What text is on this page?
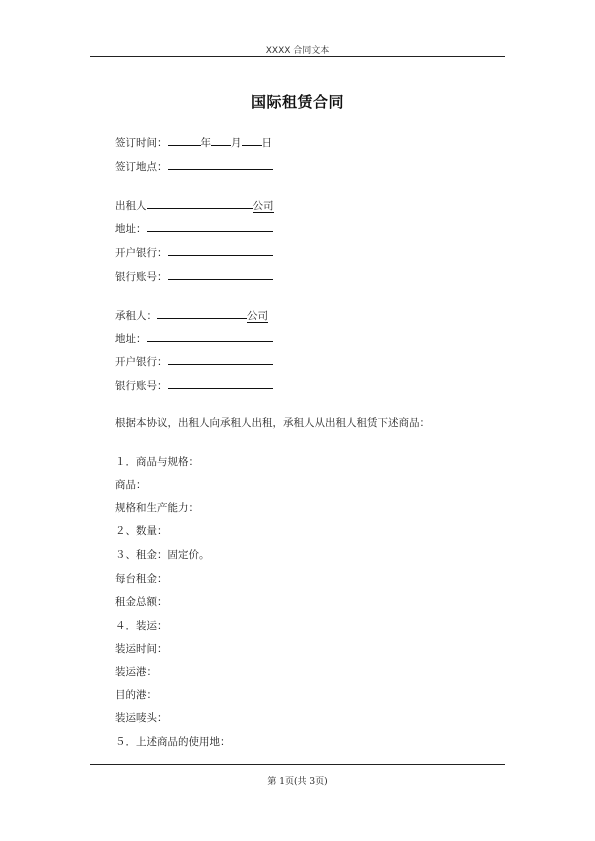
XXXX 合同文本
国际租赁合同
签订时间：	年 月 日
签订地点：
出租人	公司
地址：
开户银行：
银行账号：
承租人：	公司
地址：
开户银行：
银行账号：
根据本协议，出租人向承租人出租，承租人从出租人租赁下述商品：
１．商品与规格：
商品：
规格和生产能力：
２、数量：
３、租金：固定价。
每台租金：
租金总额：
４．装运：
装运时间：
装运港：
目的港：
装运唛头：
５．上述商品的使用地：
第 1页(共 3页)
